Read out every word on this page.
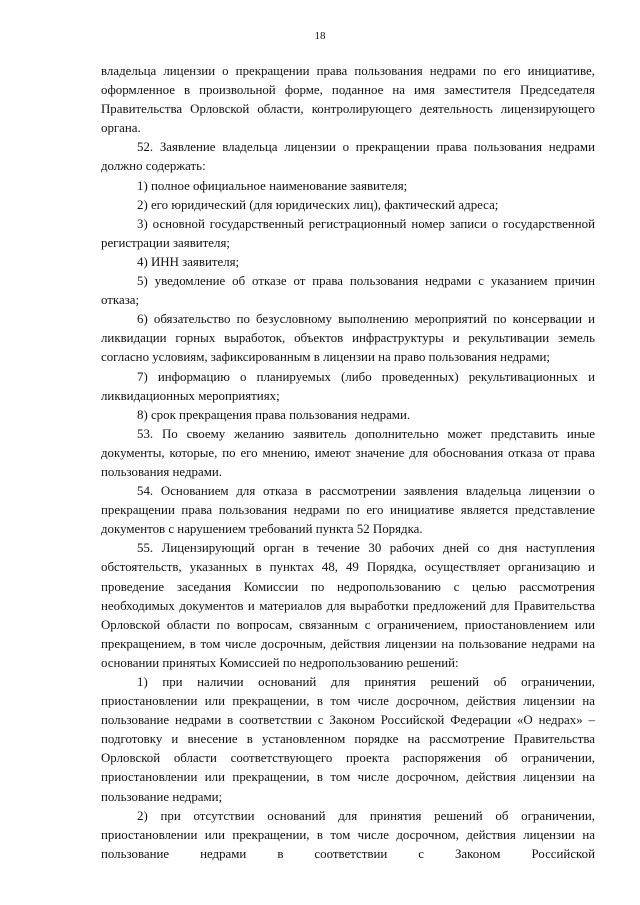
18

владельца лицензии о прекращении права пользования недрами по его инициативе, оформленное в произвольной форме, поданное на имя заместителя Председателя Правительства Орловской области, контролирующего деятельность лицензирующего органа.

52. Заявление владельца лицензии о прекращении права пользования недрами должно содержать:

1) полное официальное наименование заявителя;

2) его юридический (для юридических лиц), фактический адреса;

3) основной государственный регистрационный номер записи о государственной регистрации заявителя;

4) ИНН заявителя;

5) уведомление об отказе от права пользования недрами с указанием причин отказа;

6) обязательство по безусловному выполнению мероприятий по консервации и ликвидации горных выработок, объектов инфраструктуры и рекультивации земель согласно условиям, зафиксированным в лицензии на право пользования недрами;

7) информацию о планируемых (либо проведенных) рекультивационных и ликвидационных мероприятиях;

8) срок прекращения права пользования недрами.

53. По своему желанию заявитель дополнительно может представить иные документы, которые, по его мнению, имеют значение для обоснования отказа от права пользования недрами.

54. Основанием для отказа в рассмотрении заявления владельца лицензии о прекращении права пользования недрами по его инициативе является представление документов с нарушением требований пункта 52 Порядка.

55. Лицензирующий орган в течение 30 рабочих дней со дня наступления обстоятельств, указанных в пунктах 48, 49 Порядка, осуществляет организацию и проведение заседания Комиссии по недропользованию с целью рассмотрения необходимых документов и материалов для выработки предложений для Правительства Орловской области по вопросам, связанным с ограничением, приостановлением или прекращением, в том числе досрочным, действия лицензии на пользование недрами на основании принятых Комиссией по недропользованию решений:

1) при наличии оснований для принятия решений об ограничении, приостановлении или прекращении, в том числе досрочном, действия лицензии на пользование недрами в соответствии с Законом Российской Федерации «О недрах» – подготовку и внесение в установленном порядке на рассмотрение Правительства Орловской области соответствующего проекта распоряжения об ограничении, приостановлении или прекращении, в том числе досрочном, действия лицензии на пользование недрами;

2) при отсутствии оснований для принятия решений об ограничении, приостановлении или прекращении, в том числе досрочном, действия лицензии на пользование недрами в соответствии с Законом Российской
